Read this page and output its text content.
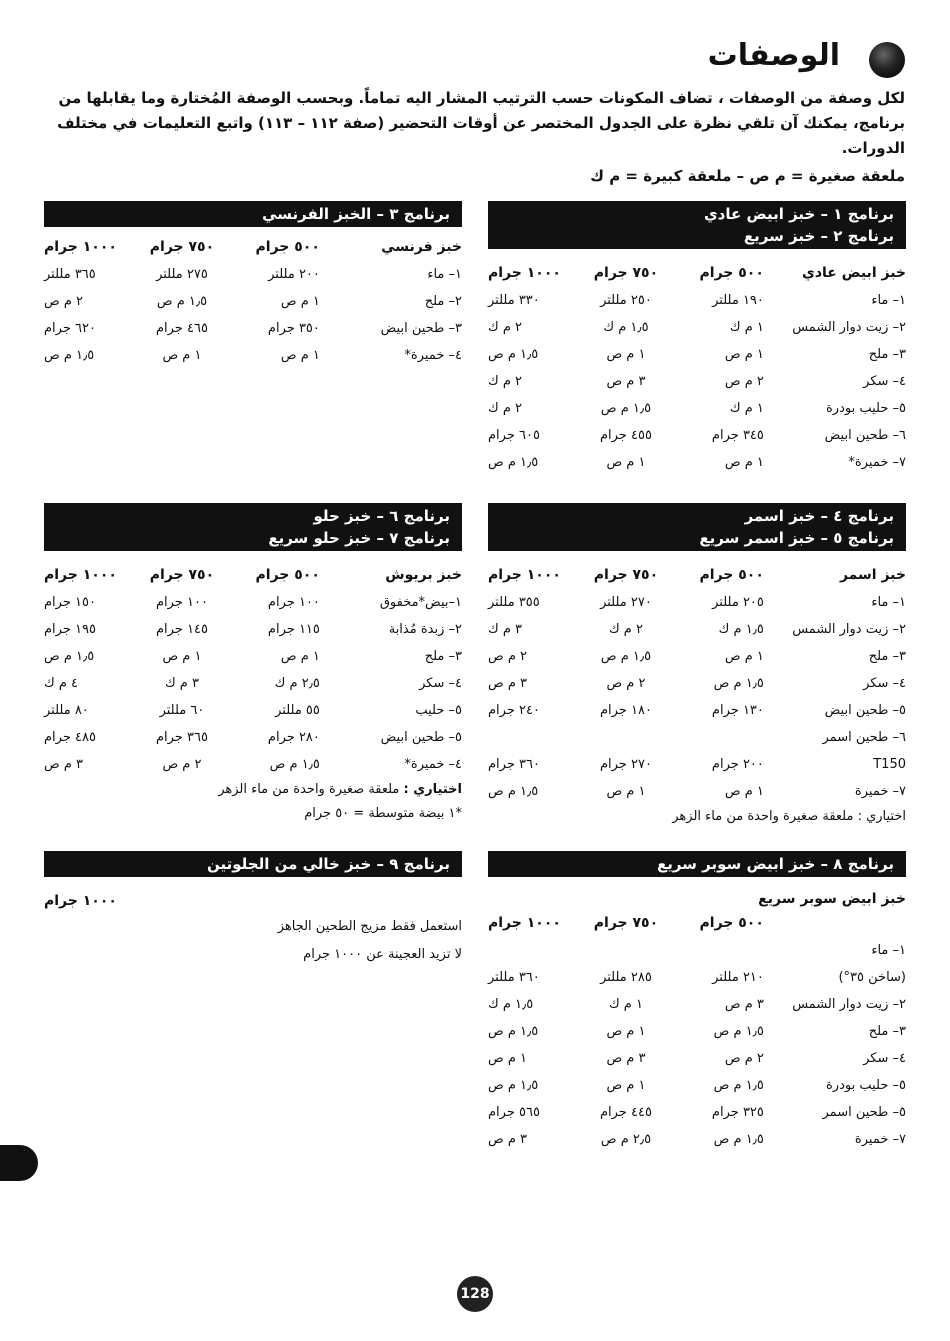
الوصفات
لكل وصفة من الوصفات ، تضاف المكونات حسب الترتيب المشار اليه تماماً. وبحسب الوصفة المُختارة وما يقابلها من برنامج، يمكنك آن تلقي نظرة على الجدول المختصر عن أوقات التحضير (صفة ١١٢ – ١١٣) واتبع التعليمات في مختلف الدورات.
ملعقة صغيرة = م ص – ملعقة كبيرة = م ك
برنامج ١ – خبز ابيض عادي
برنامج ٢ – خبز سريع
خبز ابيض عادي	٥٠٠ جرام	٧٥٠ جرام	١٠٠٠ جرام
١– ماء	١٩٠ مللتر	٢٥٠ مللتر	٣٣٠ مللتر
٢– زيت دوار الشمس	١ م ك	١٫٥ م ك	٢ م ك
٣– ملح	١ م ص	١ م ص	١٫٥ م ص
٤– سكر	٢ م ص	٣ م ص	٢ م ك
٥– حليب بودرة	١ م ك	١٫٥ م ص	٢ م ك
٦– طحين ابيض	٣٤٥ جرام	٤٥٥ جرام	٦٠٥ جرام
٧– خميرة*	١ م ص	١ م ص	١٫٥ م ص
برنامج ٣ – الخبز الفرنسي
خبز فرنسي	٥٠٠ جرام	٧٥٠ جرام	١٠٠٠ جرام
١– ماء	٢٠٠ مللتر	٢٧٥ مللتر	٣٦٥ مللتر
٢– ملح	١ م ص	١٫٥ م ص	٢ م ص
٣– طحين ابيض	٣٥٠ جرام	٤٦٥ جرام	٦٢٠ جرام
٤– خميرة*	١ م ص	١ م ص	١٫٥ م ص
برنامج ٤ – خبز اسمر
برنامج ٥ – خبز اسمر سريع
خبز اسمر	٥٠٠ جرام	٧٥٠ جرام	١٠٠٠ جرام
١– ماء	٢٠٥ مللتر	٢٧٠ مللتر	٣٥٥ مللتر
٢– زيت دوار الشمس	١٫٥ م ك	٢ م ك	٣ م ك
٣– ملح	١ م ص	١٫٥ م ص	٢ م ص
٤– سكر	١٫٥ م ص	٢ م ص	٣ م ص
٥– طحين ابيض	١٣٠ جرام	١٨٠ جرام	٢٤٠ جرام
٦– طحين اسمر			
T150	٢٠٠ جرام	٢٧٠ جرام	٣٦٠ جرام
٧– خميرة	١ م ص	١ م ص	١٫٥ م ص
اختياري : ملعقة صغيرة واحدة من ماء الزهر
برنامج ٦ – خبز حلو
برنامج ٧ – خبز حلو سريع
خبز بريوش	٥٠٠ جرام	٧٥٠ جرام	١٠٠٠ جرام
١–بيض*مخفوق	١٠٠ جرام	١٠٠ جرام	١٥٠ جرام
٢– زبدة مُذابة	١١٥ جرام	١٤٥ جرام	١٩٥ جرام
٣– ملح	١ م ص	١ م ص	١٫٥ م ص
٤– سكر	٢٫٥ م ك	٣ م ك	٤ م ك
٥– حليب	٥٥ مللتر	٦٠ مللتر	٨٠ مللتر
٥– طحين ابيض	٢٨٠ جرام	٣٦٥ جرام	٤٨٥ جرام
٤– خميرة*	١٫٥ م ص	٢ م ص	٣ م ص
اختياري : ملعقة صغيرة واحدة من ماء الزهر
*١ بيضة متوسطة = ٥٠ جرام
برنامج ٨ – خبز ابيض سوبر سريع
خبز ابيض سوبر سريع
	٥٠٠ جرام	٧٥٠ جرام	١٠٠٠ جرام
١– ماء			
(ساخن ٣٥°)	٢١٠ مللتر	٢٨٥ مللتر	٣٦٠ مللتر
٢– زيت دوار الشمس	٣ م ص	١ م ك	١٫٥ م ك
٣– ملح	١٫٥ م ص	١ م ص	١٫٥ م ص
٤– سكر	٢ م ص	٣ م ص	١ م ص
٥– حليب بودرة	١٫٥ م ص	١ م ص	١٫٥ م ص
٥– طحين اسمر	٣٢٥ جرام	٤٤٥ جرام	٥٦٥ جرام
٧– خميرة	١٫٥ م ص	٢٫٥ م ص	٣ م ص
برنامج ٩ – خبز خالي من الجلوتين
١٠٠٠ جرام
استعمل فقط مزيج الطحين الجاهز
لا تزيد العجينة عن ١٠٠٠ جرام
128
